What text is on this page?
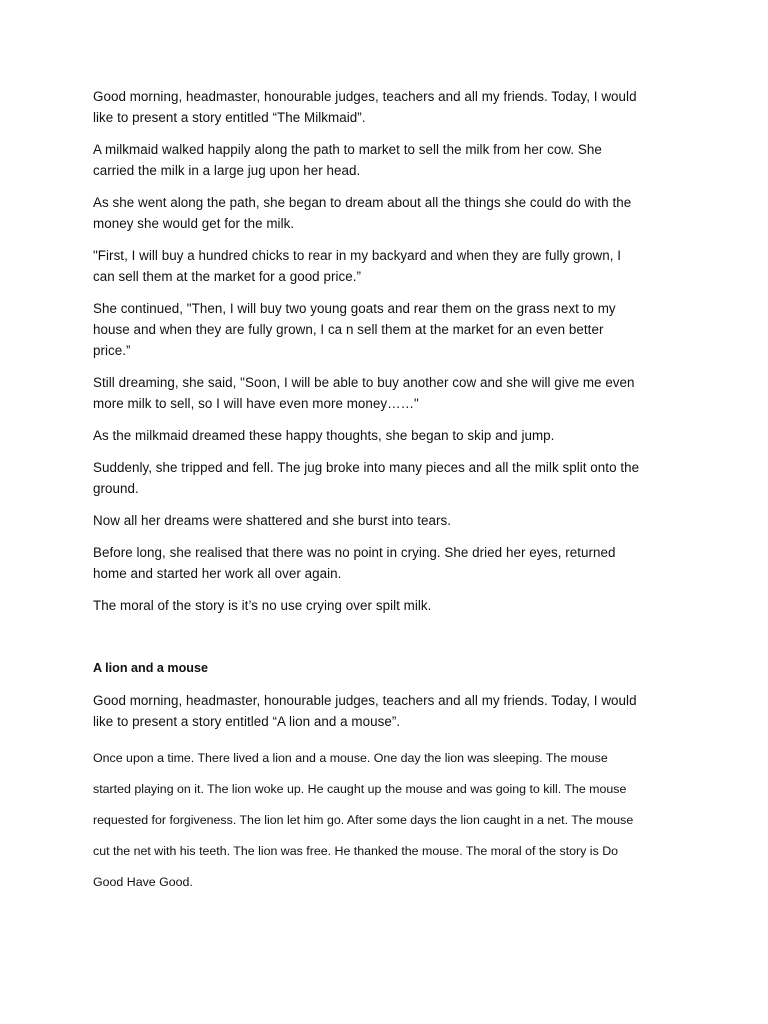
Good morning, headmaster, honourable judges, teachers and all my friends. Today, I would
like to present a story entitled “The Milkmaid”.

A milkmaid walked happily along the path to market to sell the milk from her cow. She
carried the milk in a large jug upon her head.

As she went along the path, she began to dream about all the things she could do with the
money she would get for the milk.

"First, I will buy a hundred chicks to rear in my backyard and when they are fully grown, I
can sell them at the market for a good price.”

She continued, "Then, I will buy two young goats and rear them on the grass next to my
house and when they are fully grown, I ca n sell them at the market for an even better
price.”

Still dreaming, she said, "Soon, I will be able to buy another cow and she will give me even
more milk to sell, so I will have even more money……"

As the milkmaid dreamed these happy thoughts, she began to skip and jump.

Suddenly, she tripped and fell. The jug broke into many pieces and all the milk split onto the
ground.

Now all her dreams were shattered and she burst into tears.

Before long, she realised that there was no point in crying. She dried her eyes, returned
home and started her work all over again.

The moral of the story is it’s no use crying over spilt milk.

A lion and a mouse

Good morning, headmaster, honourable judges, teachers and all my friends. Today, I would
like to present a story entitled “A lion and a mouse”.

Once upon a time. There lived a lion and a mouse. One day the lion was sleeping. The mouse
started playing on it. The lion woke up. He caught up the mouse and was going to kill. The mouse
requested for forgiveness. The lion let him go. After some days the lion caught in a net. The mouse
cut the net with his teeth. The lion was free. He thanked the mouse. The moral of the story is Do
Good Have Good.
